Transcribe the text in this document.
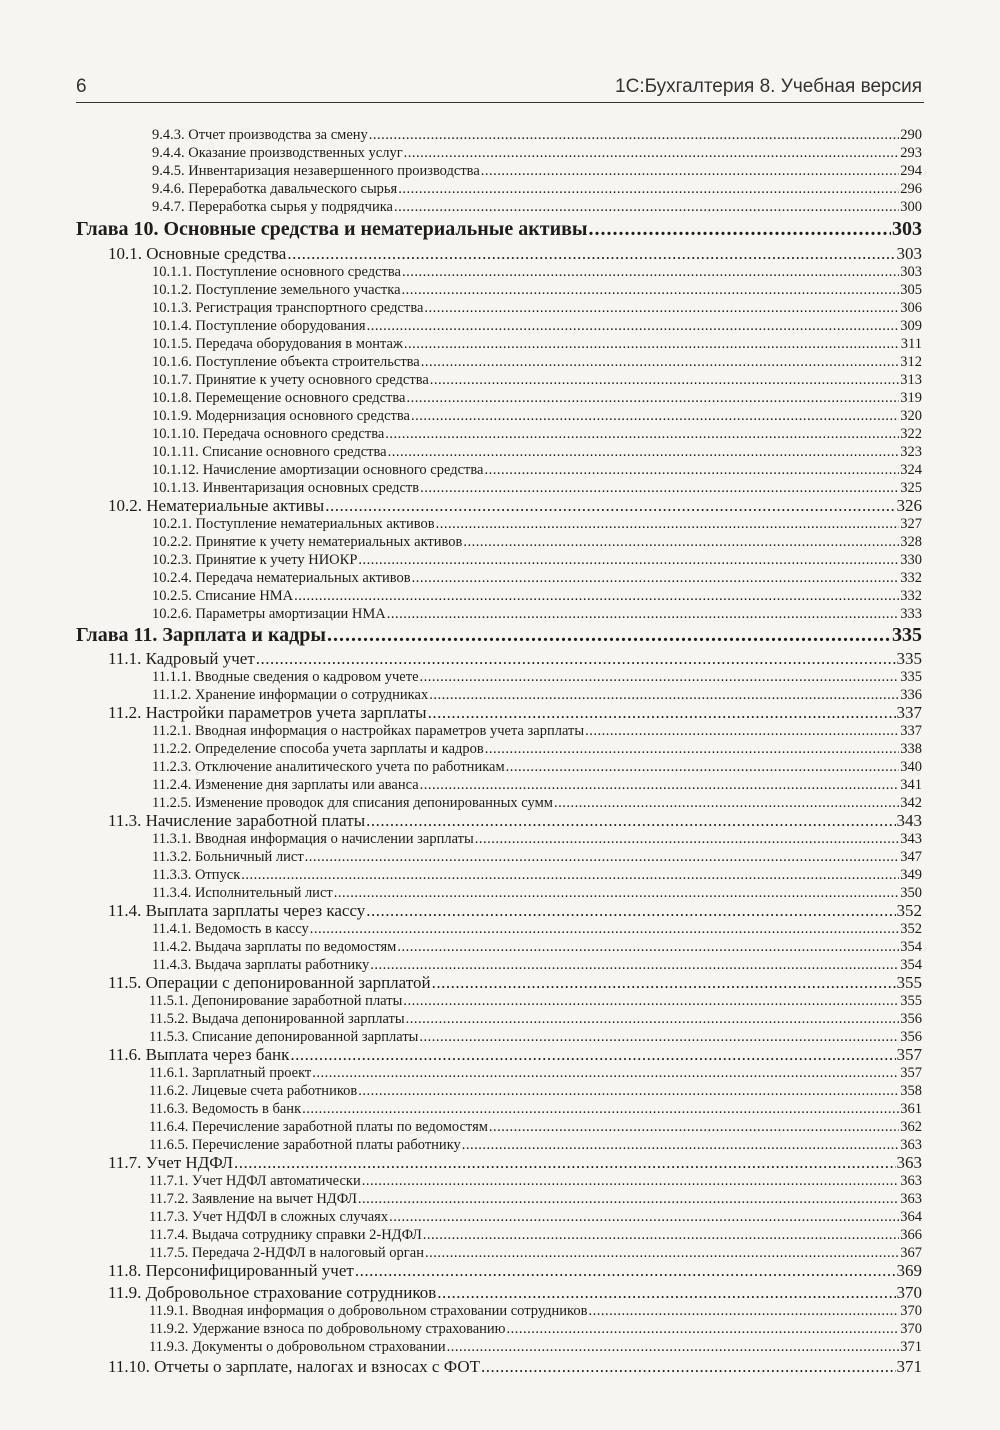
6	1С:Бухгалтерия 8. Учебная версия
9.4.3. Отчет производства за смену .....	290
9.4.4. Оказание производственных услуг .....	293
9.4.5. Инвентаризация незавершенного производства .....	294
9.4.6. Переработка давальческого сырья .....	296
9.4.7. Переработка сырья у подрядчика .....	300
Глава 10. Основные средства и нематериальные активы .....	303
10.1. Основные средства .....	303
10.1.1. Поступление основного средства .....	303
10.1.2. Поступление земельного участка .....	305
10.1.3. Регистрация транспортного средства .....	306
10.1.4. Поступление оборудования .....	309
10.1.5. Передача оборудования в монтаж .....	311
10.1.6. Поступление объекта строительства .....	312
10.1.7. Принятие к учету основного средства .....	313
10.1.8. Перемещение основного средства .....	319
10.1.9. Модернизация основного средства .....	320
10.1.10. Передача основного средства .....	322
10.1.11. Списание основного средства .....	323
10.1.12. Начисление амортизации основного средства .....	324
10.1.13. Инвентаризация основных средств .....	325
10.2. Нематериальные активы .....	326
10.2.1. Поступление нематериальных активов .....	327
10.2.2. Принятие к учету нематериальных активов .....	328
10.2.3. Принятие к учету НИОКР .....	330
10.2.4. Передача нематериальных активов .....	332
10.2.5. Списание НМА .....	332
10.2.6. Параметры амортизации НМА .....	333
Глава 11. Зарплата и кадры .....	335
11.1. Кадровый учет .....	335
11.1.1. Вводные сведения о кадровом учете .....	335
11.1.2. Хранение информации о сотрудниках .....	336
11.2. Настройки параметров учета зарплаты .....	337
11.2.1. Вводная информация о настройках параметров учета зарплаты .....	337
11.2.2. Определение способа учета зарплаты и кадров .....	338
11.2.3. Отключение аналитического учета по работникам .....	340
11.2.4. Изменение дня зарплаты или аванса .....	341
11.2.5. Изменение проводок для списания депонированных сумм .....	342
11.3. Начисление заработной платы .....	343
11.3.1. Вводная информация о начислении зарплаты .....	343
11.3.2. Больничный лист .....	347
11.3.3. Отпуск .....	349
11.3.4. Исполнительный лист .....	350
11.4. Выплата зарплаты через кассу .....	352
11.4.1. Ведомость в кассу .....	352
11.4.2. Выдача зарплаты по ведомостям .....	354
11.4.3. Выдача зарплаты работнику .....	354
11.5. Операции с депонированной зарплатой .....	355
11.5.1. Депонирование заработной платы .....	355
11.5.2. Выдача депонированной зарплаты .....	356
11.5.3. Списание депонированной зарплаты .....	356
11.6. Выплата через банк .....	357
11.6.1. Зарплатный проект .....	357
11.6.2. Лицевые счета работников .....	358
11.6.3. Ведомость в банк .....	361
11.6.4. Перечисление заработной платы по ведомостям .....	362
11.6.5. Перечисление заработной платы работнику .....	363
11.7. Учет НДФЛ .....	363
11.7.1. Учет НДФЛ автоматически .....	363
11.7.2. Заявление на вычет НДФЛ .....	363
11.7.3. Учет НДФЛ в сложных случаях .....	364
11.7.4. Выдача сотруднику справки 2-НДФЛ .....	366
11.7.5. Передача 2-НДФЛ в налоговый орган .....	367
11.8. Персонифицированный учет .....	369
11.9. Добровольное страхование сотрудников .....	370
11.9.1. Вводная информация о добровольном страховании сотрудников .....	370
11.9.2. Удержание взноса по добровольному страхованию .....	370
11.9.3. Документы о добровольном страховании .....	371
11.10. Отчеты о зарплате, налогах и взносах с ФОТ .....	371
